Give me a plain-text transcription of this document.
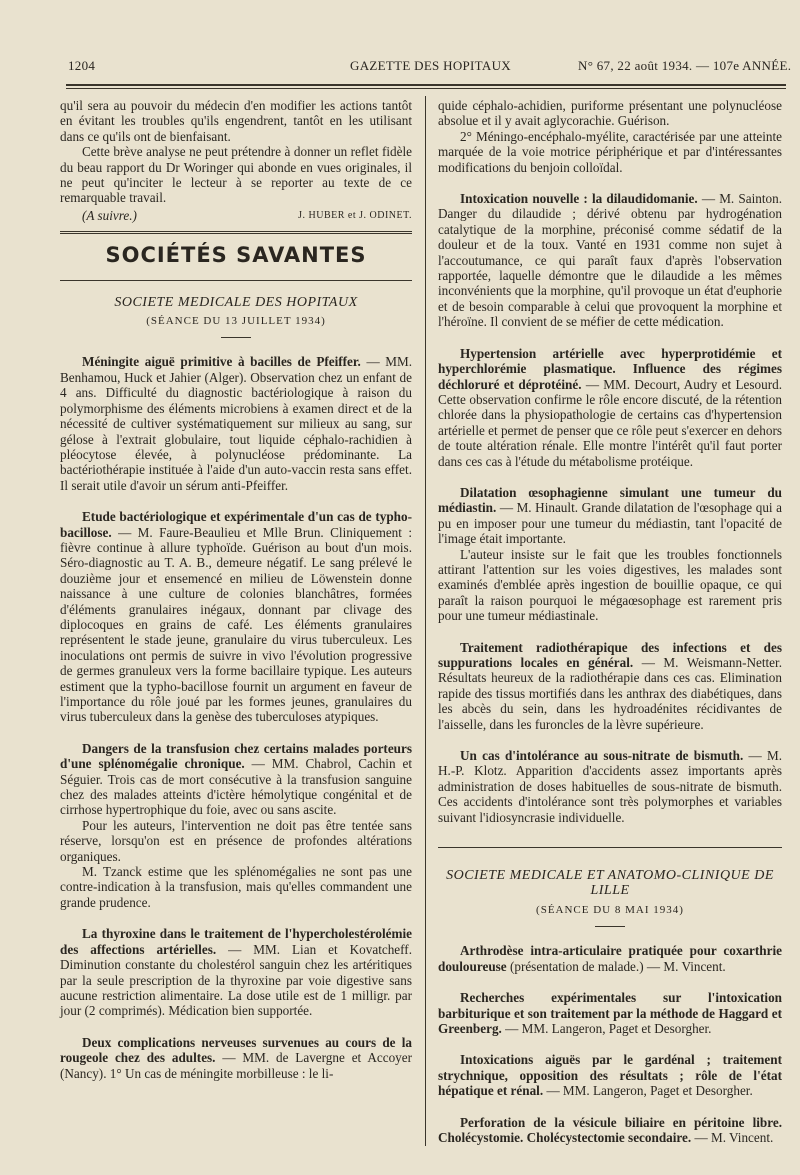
1204	GAZETTE DES HOPITAUX	N° 67, 22 août 1934. — 107e ANNÉE.

qu'il sera au pouvoir du médecin d'en modifier les actions tantôt en évitant les troubles qu'ils engendrent, tantôt en les utilisant dans ce qu'ils ont de bienfaisant.

Cette brève analyse ne peut prétendre à donner un reflet fidèle du beau rapport du Dr Woringer qui abonde en vues originales, il ne peut qu'inciter le lecteur à se reporter au texte de ce remarquable travail.

(A suivre.)	J. HUBER et J. ODINET.

SOCIÉTÉS SAVANTES

SOCIETE MEDICALE DES HOPITAUX

(SÉANCE DU 13 JUILLET 1934)

Méningite aiguë primitive à bacilles de Pfeiffer. — MM. Benhamou, Huck et Jahier (Alger). Observation chez un enfant de 4 ans. Difficulté du diagnostic bactériologique à raison du polymorphisme des éléments microbiens à examen direct et de la nécessité de cultiver systématiquement sur milieux au sang, sur gélose à l'extrait globulaire, tout liquide céphalo-rachidien à pléocytose élevée, à polynucléose prédominante. La bactériothérapie instituée à l'aide d'un auto-vaccin resta sans effet. Il serait utile d'avoir un sérum anti-Pfeiffer.

Etude bactériologique et expérimentale d'un cas de typho-bacillose. — M. Faure-Beaulieu et Mlle Brun. Cliniquement : fièvre continue à allure typhoïde. Guérison au bout d'un mois. Séro-diagnostic au T. A. B., demeure négatif. Le sang prélevé le douzième jour et ensemencé en milieu de Löwenstein donne naissance à une culture de colonies blanchâtres, formées d'éléments granulaires inégaux, donnant par clivage des diplocoques en grains de café. Les éléments granulaires représentent le stade jeune, granulaire du virus tuberculeux. Les inoculations ont permis de suivre in vivo l'évolution progressive de germes granuleux vers la forme bacillaire typique. Les auteurs estiment que la typho-bacillose fournit un argument en faveur de l'importance du rôle joué par les formes jeunes, granulaires du virus tuberculeux dans la genèse des tuberculoses atypiques.

Dangers de la transfusion chez certains malades porteurs d'une splénomégalie chronique. — MM. Chabrol, Cachin et Séguier. Trois cas de mort consécutive à la transfusion sanguine chez des malades atteints d'ictère hémolytique congénital et de cirrhose hypertrophique du foie, avec ou sans ascite.

Pour les auteurs, l'intervention ne doit pas être tentée sans réserve, lorsqu'on est en présence de profondes altérations organiques.

M. Tzanck estime que les splénomégalies ne sont pas une contre-indication à la transfusion, mais qu'elles commandent une grande prudence.

La thyroxine dans le traitement de l'hypercholestérolémie des affections artérielles. — MM. Lian et Kovatcheff. Diminution constante du cholestérol sanguin chez les artéritiques par la seule prescription de la thyroxine par voie digestive sans aucune restriction alimentaire. La dose utile est de 1 milligr. par jour (2 comprimés). Médication bien supportée.

Deux complications nerveuses survenues au cours de la rougeole chez des adultes. — MM. de Lavergne et Accoyer (Nancy). 1° Un cas de méningite morbilleuse : le li-

quide céphalo-achidien, puriforme présentant une polynucléose absolue et il y avait aglycorachie. Guérison.

2° Méningo-encéphalo-myélite, caractérisée par une atteinte marquée de la voie motrice périphérique et par d'intéressantes modifications du benjoin colloïdal.

Intoxication nouvelle : la dilaudidomanie. — M. Sainton. Danger du dilaudide ; dérivé obtenu par hydrogénation catalytique de la morphine, préconisé comme sédatif de la douleur et de la toux. Vanté en 1931 comme non sujet à l'accoutumance, ce qui paraît faux d'après l'observation rapportée, laquelle démontre que le dilaudide a les mêmes inconvénients que la morphine, qu'il provoque un état d'euphorie et de besoin comparable à celui que provoquent la morphine et l'héroïne. Il convient de se méfier de cette médication.

Hypertension artérielle avec hyperprotidémie et hyperchlorémie plasmatique. Influence des régimes déchloruré et déprotéiné. — MM. Decourt, Audry et Lesourd. Cette observation confirme le rôle encore discuté, de la rétention chlorée dans la physiopathologie de certains cas d'hypertension artérielle et permet de penser que ce rôle peut s'exercer en dehors de toute altération rénale. Elle montre l'intérêt qu'il faut porter dans ces cas à l'étude du métabolisme protéique.

Dilatation œsophagienne simulant une tumeur du médiastin. — M. Hinault. Grande dilatation de l'œsophage qui a pu en imposer pour une tumeur du médiastin, tant l'opacité de l'image était importante.

L'auteur insiste sur le fait que les troubles fonctionnels attirant l'attention sur les voies digestives, les malades sont examinés d'emblée après ingestion de bouillie opaque, ce qui paraît la raison pourquoi le mégaœsophage est rarement pris pour une tumeur médiastinale.

Traitement radiothérapique des infections et des suppurations locales en général. — M. Weismann-Netter. Résultats heureux de la radiothérapie dans ces cas. Elimination rapide des tissus mortifiés dans les anthrax des diabétiques, dans les abcès du sein, dans les hydroadénites récidivantes de l'aisselle, dans les furoncles de la lèvre supérieure.

Un cas d'intolérance au sous-nitrate de bismuth. — M. H.-P. Klotz. Apparition d'accidents assez importants après administration de doses habituelles de sous-nitrate de bismuth. Ces accidents d'intolérance sont très polymorphes et variables suivant l'idiosyncrasie individuelle.

SOCIETE MEDICALE ET ANATOMO-CLINIQUE DE LILLE

(SÉANCE DU 8 MAI 1934)

Arthrodèse intra-articulaire pratiquée pour coxarthrie douloureuse (présentation de malade.) — M. Vincent.

Recherches expérimentales sur l'intoxication barbiturique et son traitement par la méthode de Haggard et Greenberg. — MM. Langeron, Paget et Desorgher.

Intoxications aiguës par le gardénal ; traitement strychnique, opposition des résultats ; rôle de l'état hépatique et rénal. — MM. Langeron, Paget et Desorgher.

Perforation de la vésicule biliaire en péritoine libre. Cholécystomie. Cholécystectomie secondaire. — M. Vincent.
